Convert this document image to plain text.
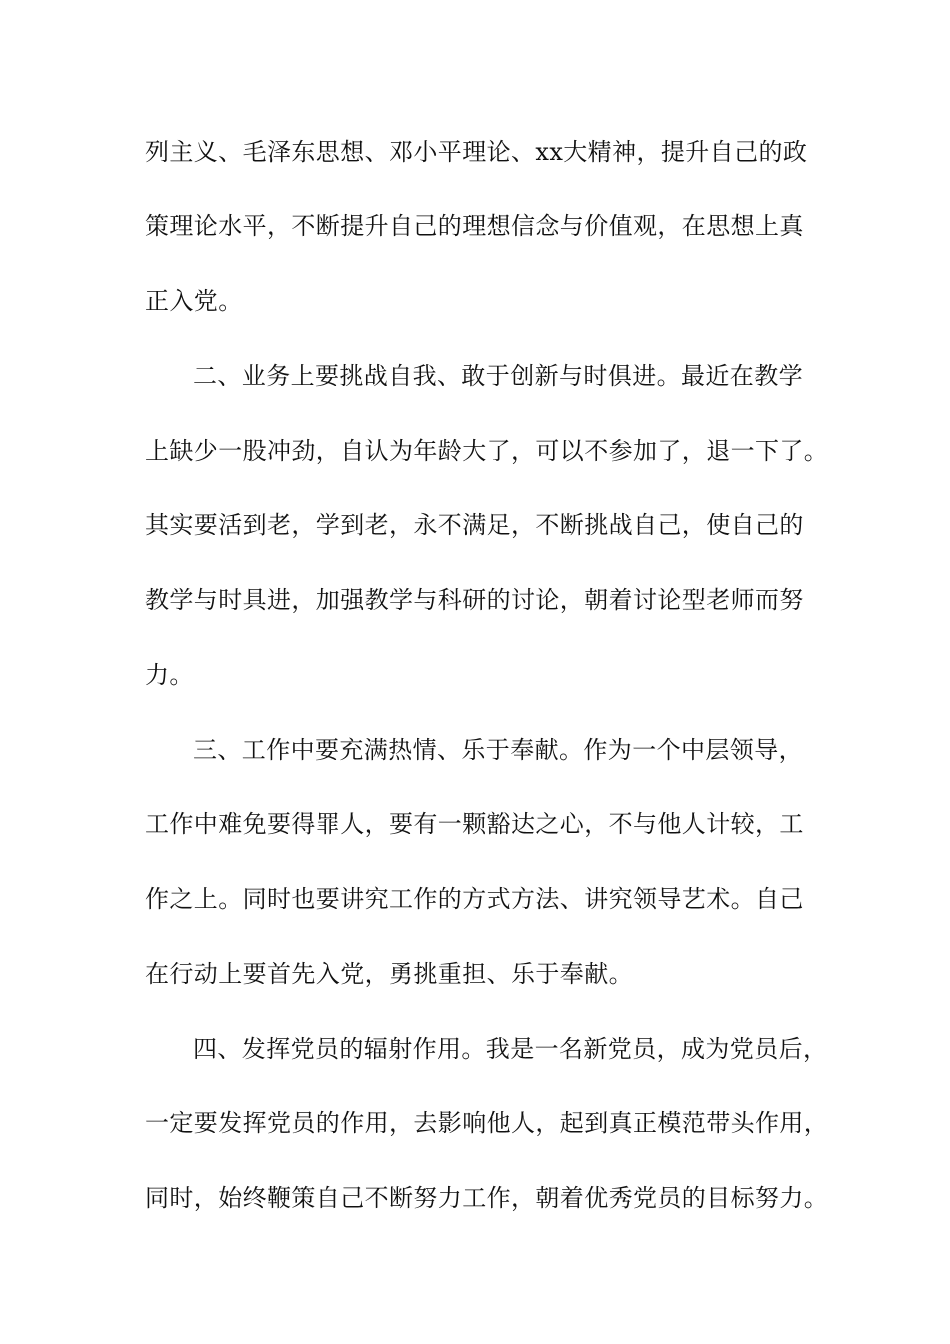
列主义、毛泽东思想、邓小平理论、xx大精神，提升自己的政
策理论水平，不断提升自己的理想信念与价值观，在思想上真
正入党。
二、业务上要挑战自我、敢于创新与时俱进。最近在教学
上缺少一股冲劲，自认为年龄大了，可以不参加了，退一下了。
其实要活到老，学到老，永不满足，不断挑战自己，使自己的
教学与时具进，加强教学与科研的讨论，朝着讨论型老师而努
力。
三、工作中要充满热情、乐于奉献。作为一个中层领导，
工作中难免要得罪人，要有一颗豁达之心，不与他人计较，工
作之上。同时也要讲究工作的方式方法、讲究领导艺术。自己
在行动上要首先入党，勇挑重担、乐于奉献。
四、发挥党员的辐射作用。我是一名新党员，成为党员后，
一定要发挥党员的作用，去影响他人，起到真正模范带头作用，
同时，始终鞭策自己不断努力工作，朝着优秀党员的目标努力。
